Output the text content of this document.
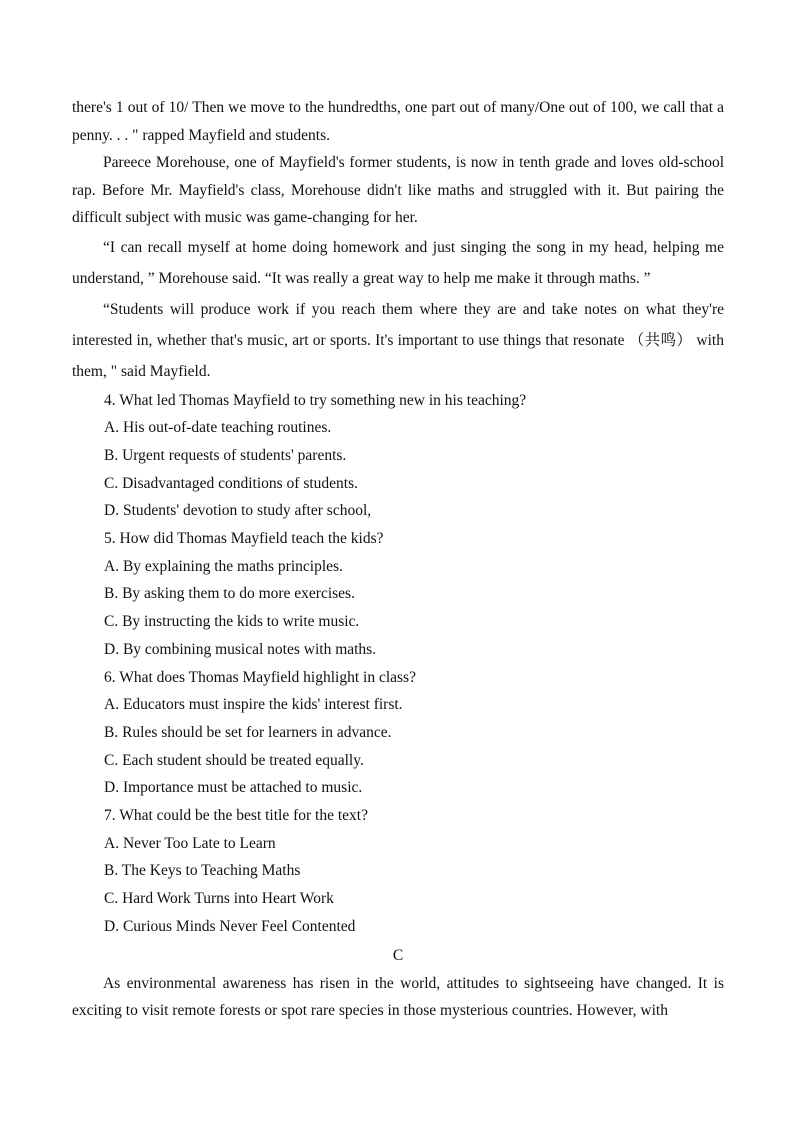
there's 1 out of 10/ Then we move to the hundredths, one part out of many/One out of 100, we call that a penny. . . " rapped Mayfield and students.

Pareece Morehouse, one of Mayfield's former students, is now in tenth grade and loves old-school rap. Before Mr. Mayfield's class, Morehouse didn't like maths and struggled with it. But pairing the difficult subject with music was game-changing for her.

“I can recall myself at home doing homework and just singing the song in my head, helping me understand, ” Morehouse said. “It was really a great way to help me make it through maths. ”

“Students will produce work if you reach them where they are and take notes on what they're interested in, whether that's music, art or sports. It's important to use things that resonate （共鸣） with them, " said Mayfield.

4. What led Thomas Mayfield to try something new in his teaching?

A. His out-of-date teaching routines.

B. Urgent requests of students' parents.

C. Disadvantaged conditions of students.

D. Students' devotion to study after school,

5. How did Thomas Mayfield teach the kids?

A. By explaining the maths principles.

B. By asking them to do more exercises.

C. By instructing the kids to write music.

D. By combining musical notes with maths.

6. What does Thomas Mayfield highlight in class?

A. Educators must inspire the kids' interest first.

B. Rules should be set for learners in advance.

C. Each student should be treated equally.

D. Importance must be attached to music.

7. What could be the best title for the text?

A. Never Too Late to Learn

B. The Keys to Teaching Maths

C. Hard Work Turns into Heart Work

D. Curious Minds Never Feel Contented

C

As environmental awareness has risen in the world, attitudes to sightseeing have changed. It is exciting to visit remote forests or spot rare species in those mysterious countries. However, with
